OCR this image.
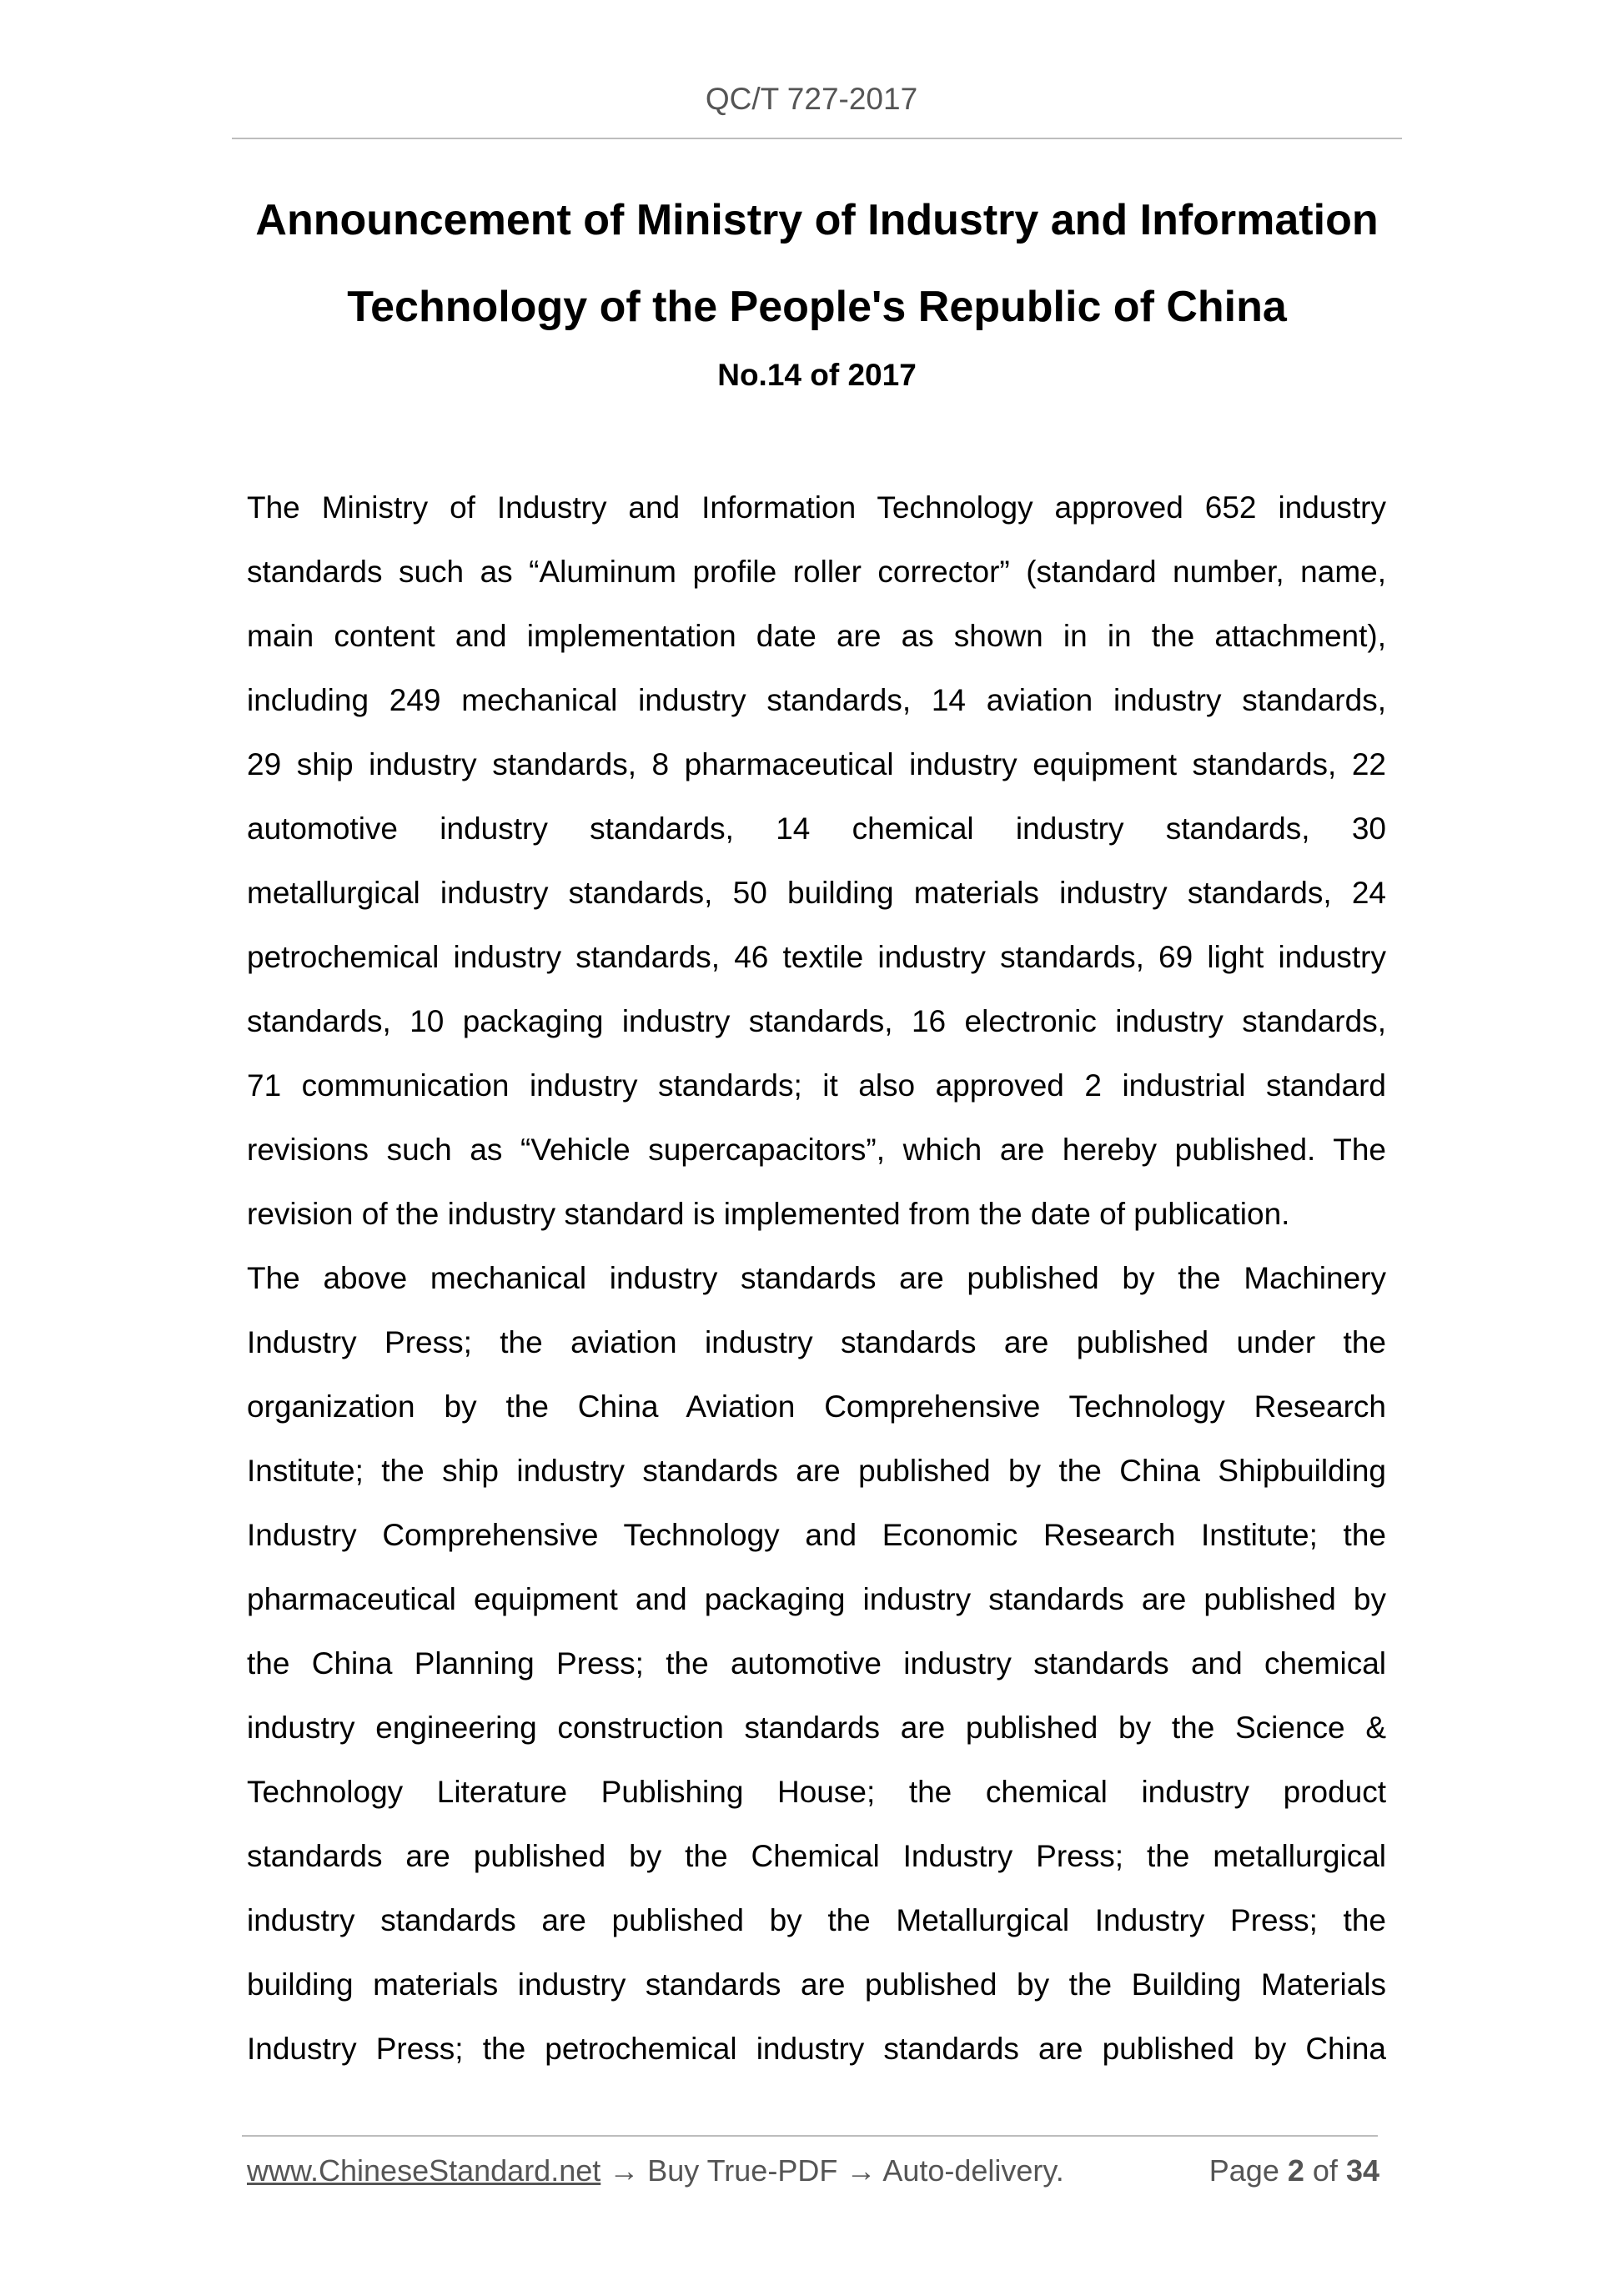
QC/T 727-2017
Announcement of Ministry of Industry and Information
Technology of the People's Republic of China
No.14 of 2017
The Ministry of Industry and Information Technology approved 652 industry
standards such as “Aluminum profile roller corrector” (standard number, name,
main content and implementation date are as shown in in the attachment),
including 249 mechanical industry standards, 14 aviation industry standards,
29 ship industry standards, 8 pharmaceutical industry equipment standards, 22
automotive industry standards, 14 chemical industry standards, 30
metallurgical industry standards, 50 building materials industry standards, 24
petrochemical industry standards, 46 textile industry standards, 69 light industry
standards, 10 packaging industry standards, 16 electronic industry standards,
71 communication industry standards; it also approved 2 industrial standard
revisions such as “Vehicle supercapacitors”, which are hereby published. The
revision of the industry standard is implemented from the date of publication.
The above mechanical industry standards are published by the Machinery
Industry Press; the aviation industry standards are published under the
organization by the China Aviation Comprehensive Technology Research
Institute; the ship industry standards are published by the China Shipbuilding
Industry Comprehensive Technology and Economic Research Institute; the
pharmaceutical equipment and packaging industry standards are published by
the China Planning Press; the automotive industry standards and chemical
industry engineering construction standards are published by the Science &
Technology Literature Publishing House; the chemical industry product
standards are published by the Chemical Industry Press; the metallurgical
industry standards are published by the Metallurgical Industry Press; the
building materials industry standards are published by the Building Materials
Industry Press; the petrochemical industry standards are published by China
www.ChineseStandard.net → Buy True-PDF → Auto-delivery.	Page 2 of 34
